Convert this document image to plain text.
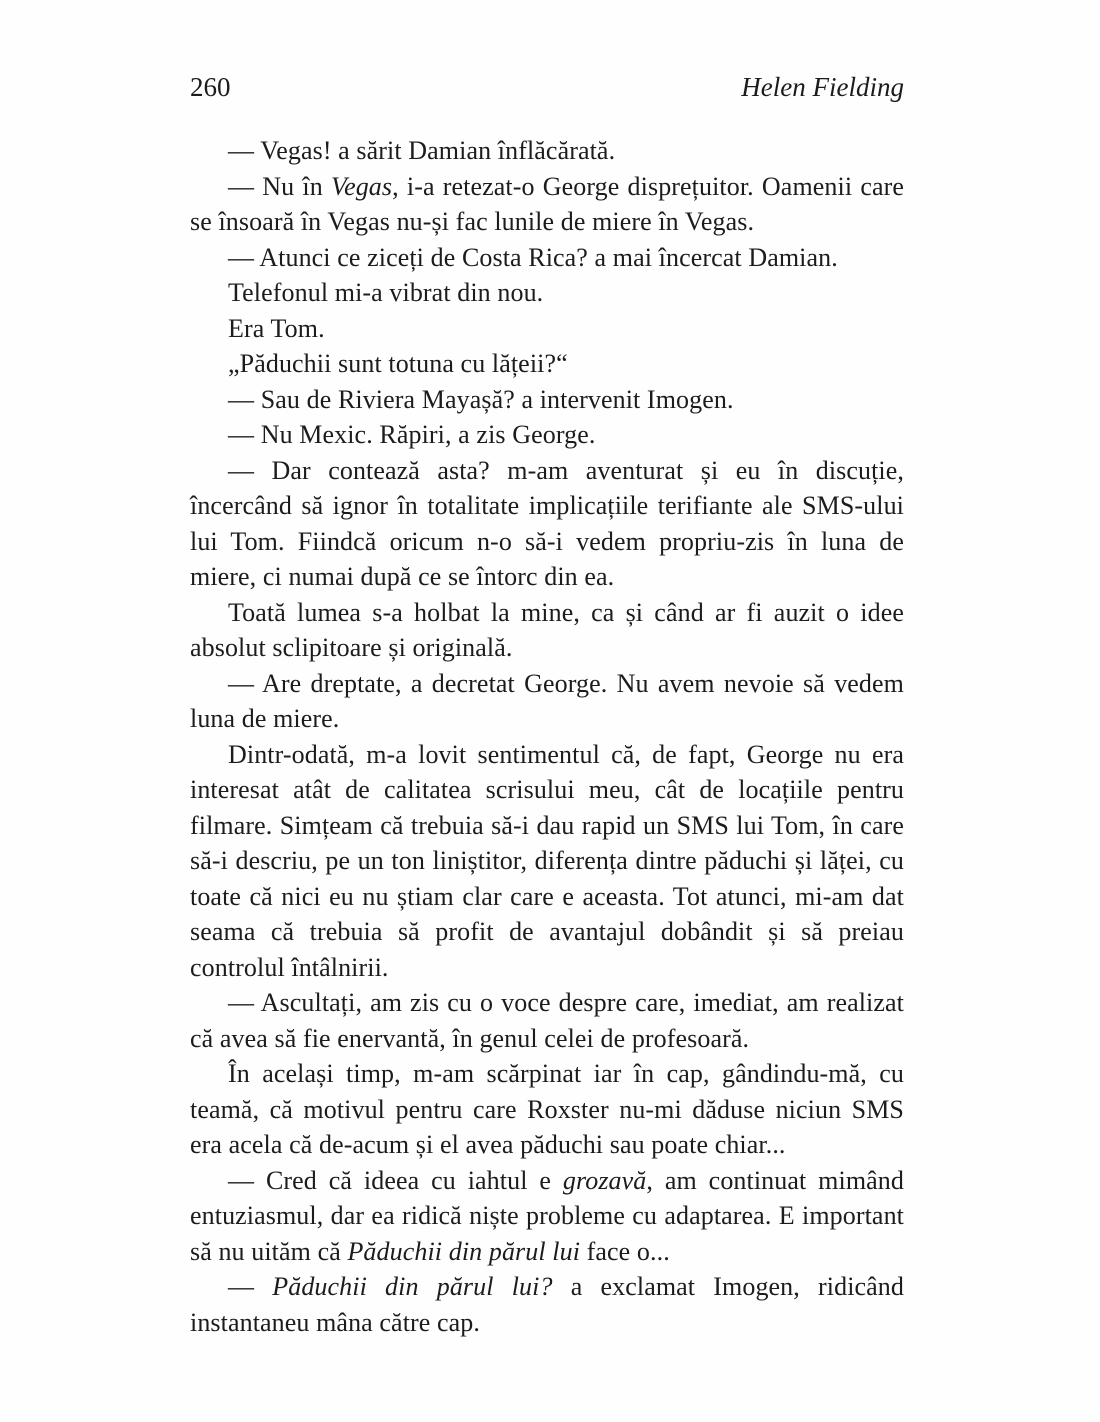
260	Helen Fielding

— Vegas! a sărit Damian înflăcărată.

— Nu în Vegas, i-a retezat-o George disprețuitor. Oamenii care se însoară în Vegas nu-și fac lunile de miere în Vegas.

— Atunci ce ziceți de Costa Rica? a mai încercat Damian.

Telefonul mi-a vibrat din nou.

Era Tom.

„Păduchii sunt totuna cu lățeii?“

— Sau de Riviera Mayașă? a intervenit Imogen.

— Nu Mexic. Răpiri, a zis George.

— Dar contează asta? m-am aventurat și eu în discuție, încercând să ignor în totalitate implicațiile terifiante ale SMS-ului lui Tom. Fiindcă oricum n-o să-i vedem propriu-zis în luna de miere, ci numai după ce se întorc din ea.

Toată lumea s-a holbat la mine, ca și când ar fi auzit o idee absolut sclipitoare și originală.

— Are dreptate, a decretat George. Nu avem nevoie să vedem luna de miere.

Dintr-odată, m-a lovit sentimentul că, de fapt, George nu era interesat atât de calitatea scrisului meu, cât de locațiile pentru filmare. Simțeam că trebuia să-i dau rapid un SMS lui Tom, în care să-i descriu, pe un ton liniștitor, diferența dintre păduchi și lăței, cu toate că nici eu nu știam clar care e aceasta. Tot atunci, mi-am dat seama că trebuia să profit de avantajul dobândit și să preiau controlul întâlnirii.

— Ascultați, am zis cu o voce despre care, imediat, am realizat că avea să fie enervantă, în genul celei de profesoară.

În același timp, m-am scărpinat iar în cap, gândindu-mă, cu teamă, că motivul pentru care Roxster nu-mi dăduse niciun SMS era acela că de-acum și el avea păduchi sau poate chiar...

— Cred că ideea cu iahtul e grozavă, am continuat mimând entuziasmul, dar ea ridică niște probleme cu adaptarea. E important să nu uităm că Păduchii din părul lui face o...

— Păduchii din părul lui? a exclamat Imogen, ridicând instantaneu mâna către cap.
